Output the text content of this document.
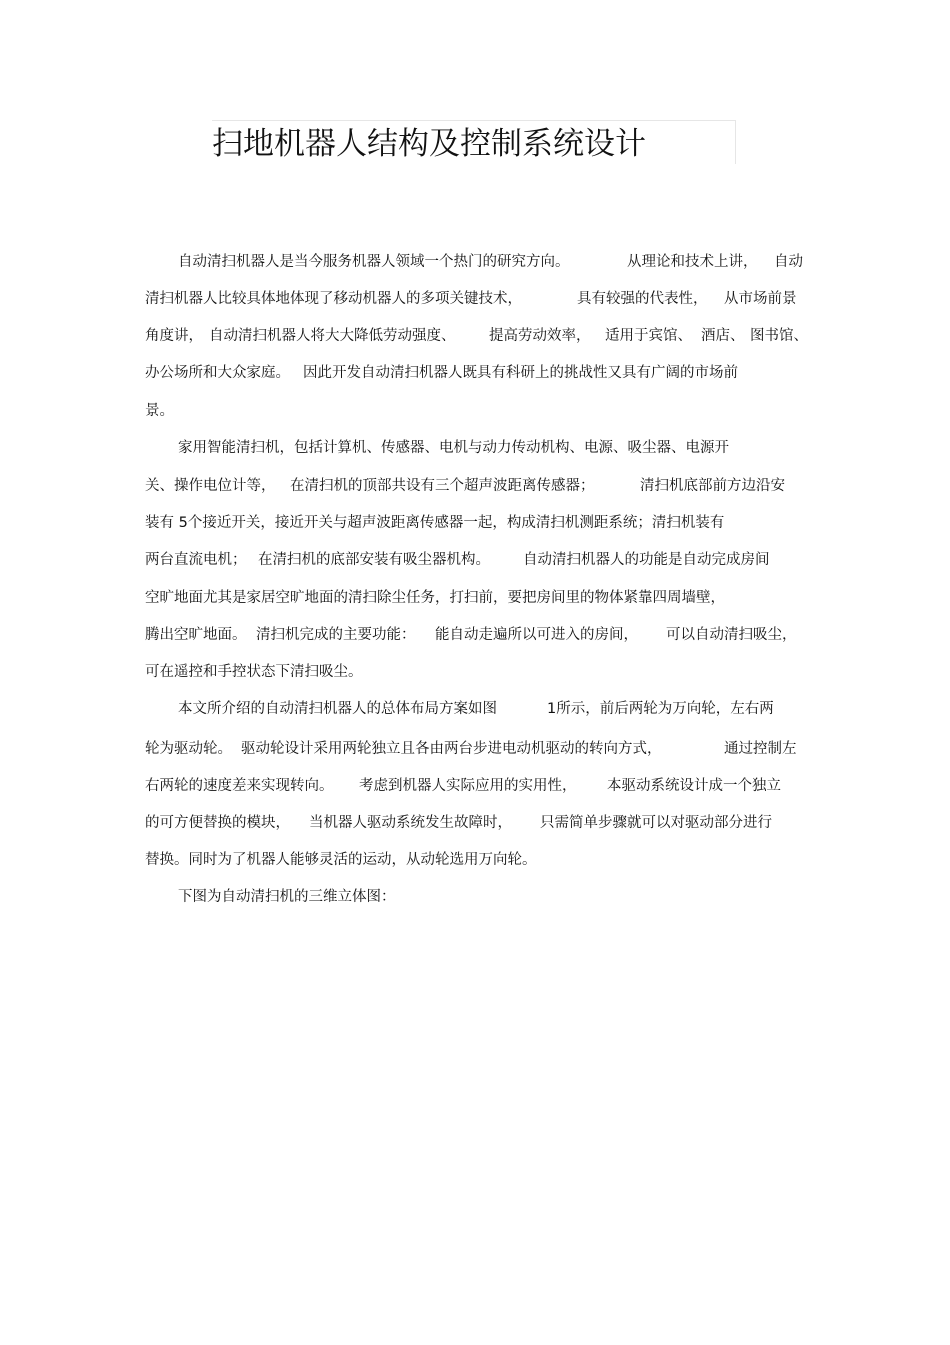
扫地机器人结构及控制系统设计
自动清扫机器人是当今服务机器人领域一个热门的研究方向。	从理论和技术上讲， 自动
清扫机器人比较具体地体现了移动机器人的多项关键技术，	具有较强的代表性， 从市场前景
角度讲， 自动清扫机器人将大大降低劳动强度、 提高劳动效率， 适用于宾馆、 酒店、 图书馆、
办公场所和大众家庭。 因此开发自动清扫机器人既具有科研上的挑战性又具有广阔的市场前
景。
家用智能清扫机，包括计算机、传感器、电机与动力传动机构、电源、吸尘器、电源开
关、操作电位计等， 在清扫机的顶部共设有三个超声波距离传感器；	清扫机底部前方边沿安
装有 5个接近开关，接近开关与超声波距离传感器一起，构成清扫机测距系统；清扫机装有
两台直流电机； 在清扫机的底部安装有吸尘器机构。 自动清扫机器人的功能是自动完成房间
空旷地面尤其是家居空旷地面的清扫除尘任务，打扫前，要把房间里的物体紧靠四周墙壁，
腾出空旷地面。 清扫机完成的主要功能： 能自动走遍所以可进入的房间， 可以自动清扫吸尘，
可在遥控和手控状态下清扫吸尘。
本文所介绍的自动清扫机器人的总体布局方案如图	1所示，前后两轮为万向轮，左右两
轮为驱动轮。 驱动轮设计采用两轮独立且各由两台步进电动机驱动的转向方式，	通过控制左
右两轮的速度差来实现转向。 考虑到机器人实际应用的实用性， 本驱动系统设计成一个独立
的可方便替换的模块， 当机器人驱动系统发生故障时， 只需简单步骤就可以对驱动部分进行
替换。同时为了机器人能够灵活的运动，从动轮选用万向轮。
下图为自动清扫机的三维立体图：
